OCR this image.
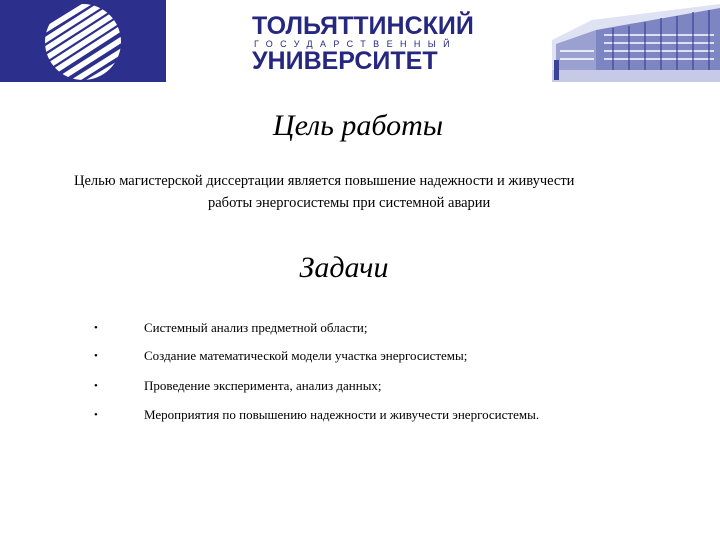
ТОЛЬЯТТИНСКИЙ
ГОСУДАРСТВЕННЫЙ
УНИВЕРСИТЕТ
Цель работы
Целью магистерской диссертации является повышение надежности и живучести
работы энергосистемы при системной аварии
Задачи
•	Системный анализ предметной области;
•	Создание математической модели участка энергосистемы;
•	Проведение эксперимента, анализ данных;
•	Мероприятия по повышению надежности и живучести энергосистемы.
